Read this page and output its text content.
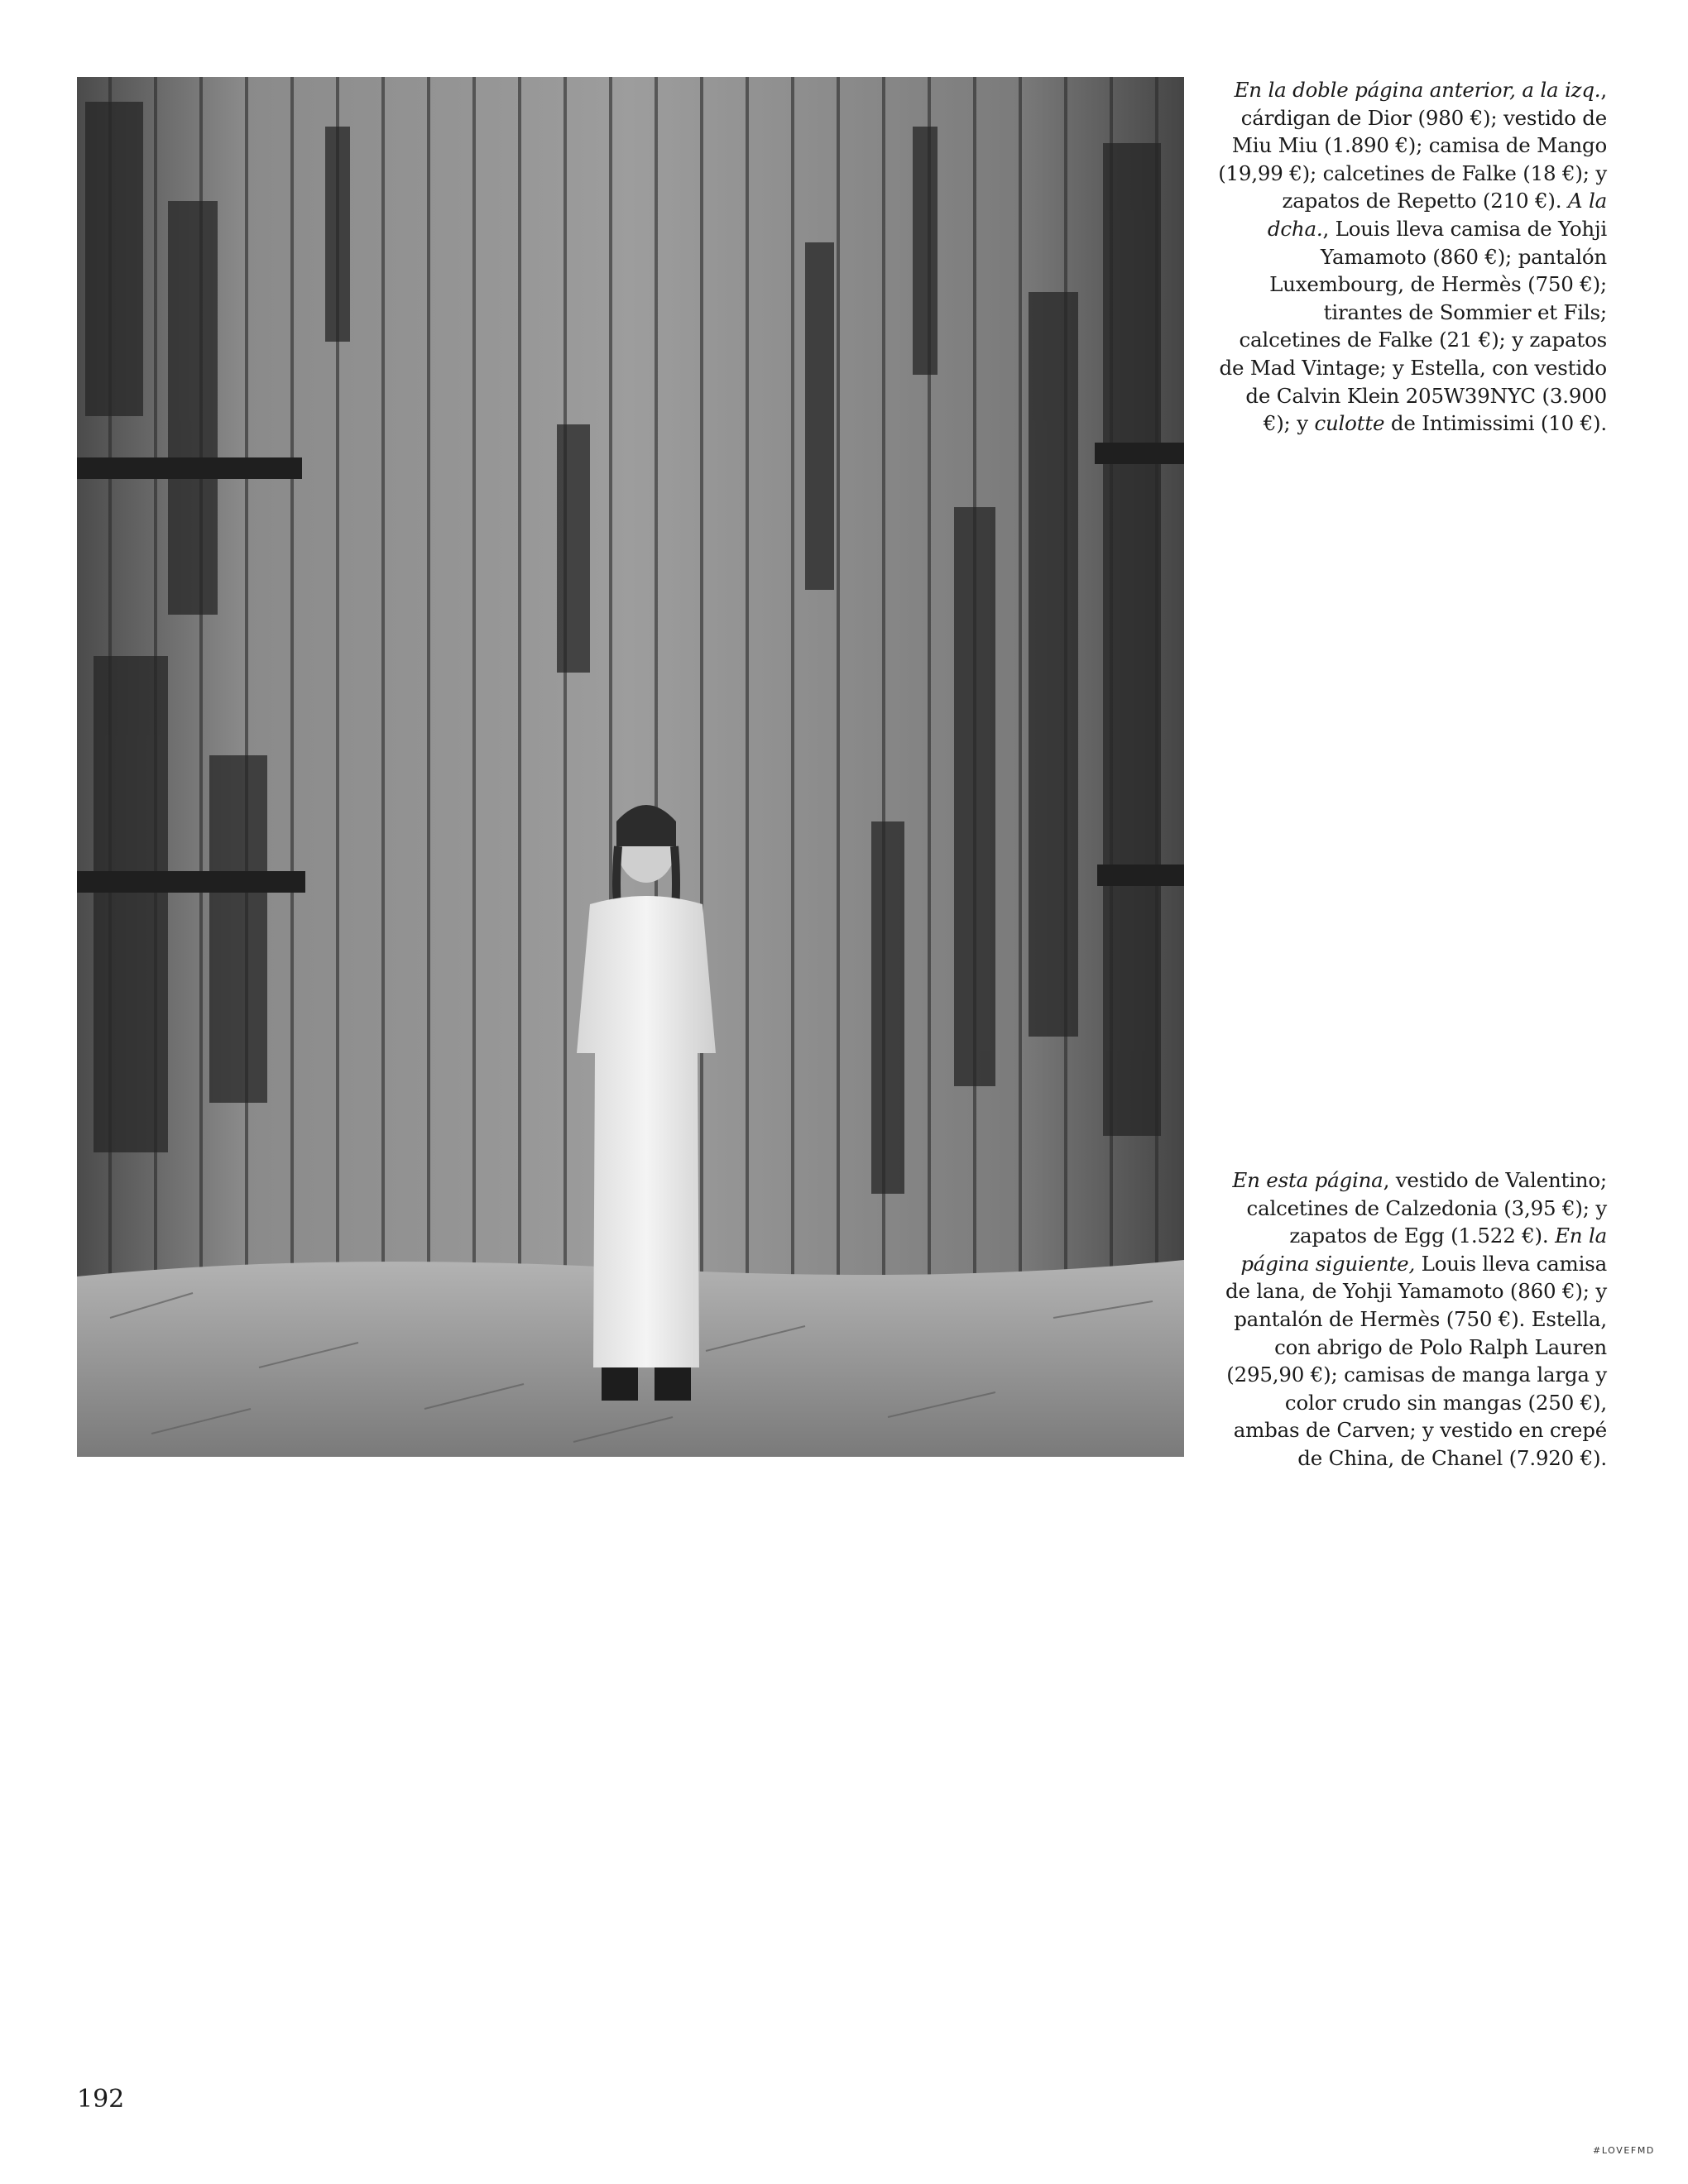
En la doble página anterior, a la izq., cárdigan de Dior (980 €); vestido de Miu Miu (1.890 €); camisa de Mango (19,99 €); calcetines de Falke (18 €); y zapatos de Repetto (210 €). A la dcha., Louis lleva camisa de Yohji Yamamoto (860 €); pantalón Luxembourg, de Hermès (750 €); tirantes de Sommier et Fils; calcetines de Falke (21 €); y zapatos de Mad Vintage; y Estella, con vestido de Calvin Klein 205W39NYC (3.900 €); y culotte de Intimissimi (10 €).
En esta página, vestido de Valentino; calcetines de Calzedonia (3,95 €); y zapatos de Egg (1.522 €). En la página siguiente, Louis lleva camisa de lana, de Yohji Yamamoto (860 €); y pantalón de Hermès (750 €). Estella, con abrigo de Polo Ralph Lauren (295,90 €); camisas de manga larga y color crudo sin mangas (250 €), ambas de Carven; y vestido en crepé de China, de Chanel (7.920 €).
192
#LOVEFMD
